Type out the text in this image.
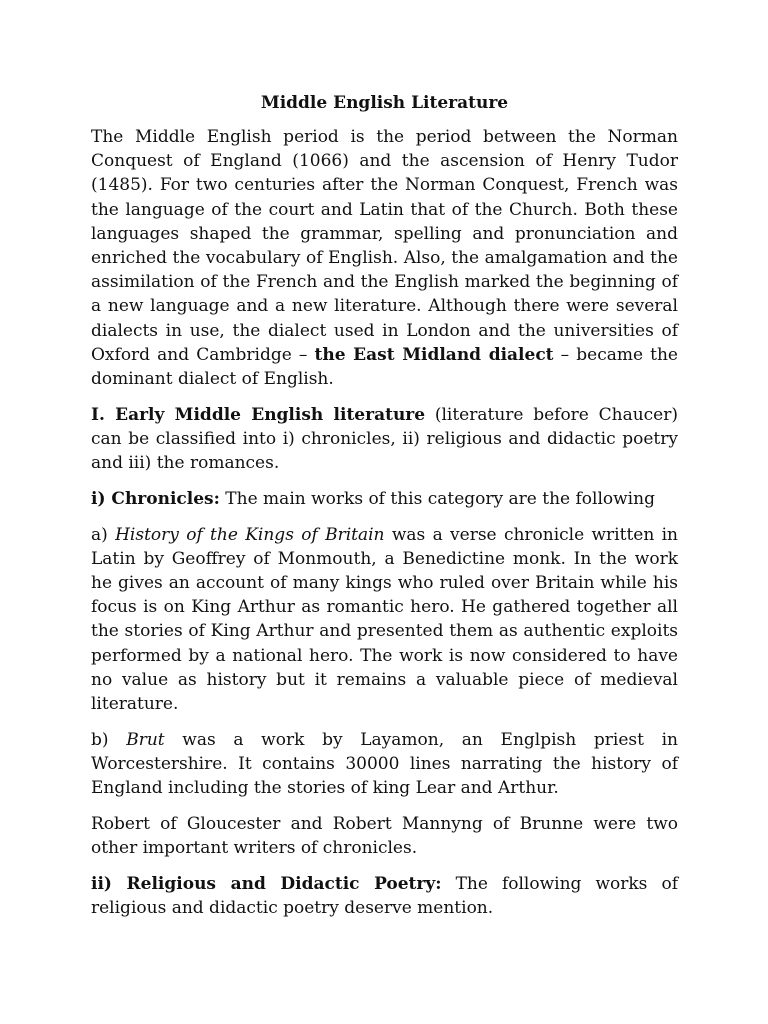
Middle English Literature

The Middle English period is the period between the Norman Conquest of England (1066) and the ascension of Henry Tudor (1485). For two centuries after the Norman Conquest, French was the language of the court and Latin that of the Church. Both these languages shaped the grammar, spelling and pronunciation and enriched the vocabulary of English. Also, the amalgamation and the assimilation of the French and the English marked the beginning of a new language and a new literature. Although there were several dialects in use, the dialect used in London and the universities of Oxford and Cambridge – the East Midland dialect – became the dominant dialect of English.

I. Early Middle English literature (literature before Chaucer) can be classified into i) chronicles, ii) religious and didactic poetry and iii) the romances.

i) Chronicles: The main works of this category are the following

a) History of the Kings of Britain was a verse chronicle written in Latin by Geoffrey of Monmouth, a Benedictine monk. In the work he gives an account of many kings who ruled over Britain while his focus is on King Arthur as romantic hero. He gathered together all the stories of King Arthur and presented them as authentic exploits performed by a national hero. The work is now considered to have no value as history but it remains a valuable piece of medieval literature.

b) Brut was a work by Layamon, an Englpish priest in Worcestershire. It contains 30000 lines narrating the history of England including the stories of king Lear and Arthur.

Robert of Gloucester and Robert Mannyng of Brunne were two other important writers of chronicles.

ii) Religious and Didactic Poetry: The following works of religious and didactic poetry deserve mention.
